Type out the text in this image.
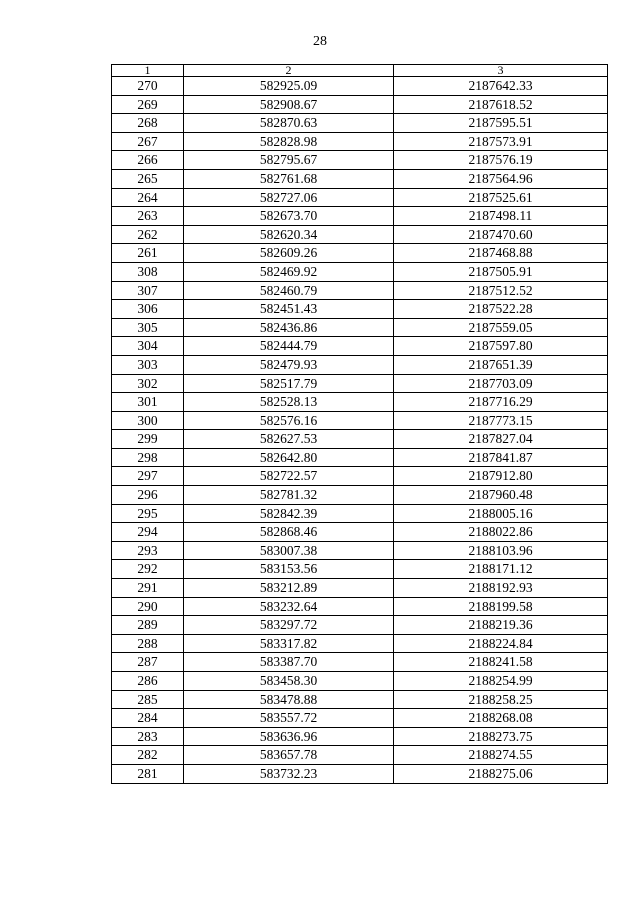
28
1	2	3
270	582925.09	2187642.33
269	582908.67	2187618.52
268	582870.63	2187595.51
267	582828.98	2187573.91
266	582795.67	2187576.19
265	582761.68	2187564.96
264	582727.06	2187525.61
263	582673.70	2187498.11
262	582620.34	2187470.60
261	582609.26	2187468.88
308	582469.92	2187505.91
307	582460.79	2187512.52
306	582451.43	2187522.28
305	582436.86	2187559.05
304	582444.79	2187597.80
303	582479.93	2187651.39
302	582517.79	2187703.09
301	582528.13	2187716.29
300	582576.16	2187773.15
299	582627.53	2187827.04
298	582642.80	2187841.87
297	582722.57	2187912.80
296	582781.32	2187960.48
295	582842.39	2188005.16
294	582868.46	2188022.86
293	583007.38	2188103.96
292	583153.56	2188171.12
291	583212.89	2188192.93
290	583232.64	2188199.58
289	583297.72	2188219.36
288	583317.82	2188224.84
287	583387.70	2188241.58
286	583458.30	2188254.99
285	583478.88	2188258.25
284	583557.72	2188268.08
283	583636.96	2188273.75
282	583657.78	2188274.55
281	583732.23	2188275.06
